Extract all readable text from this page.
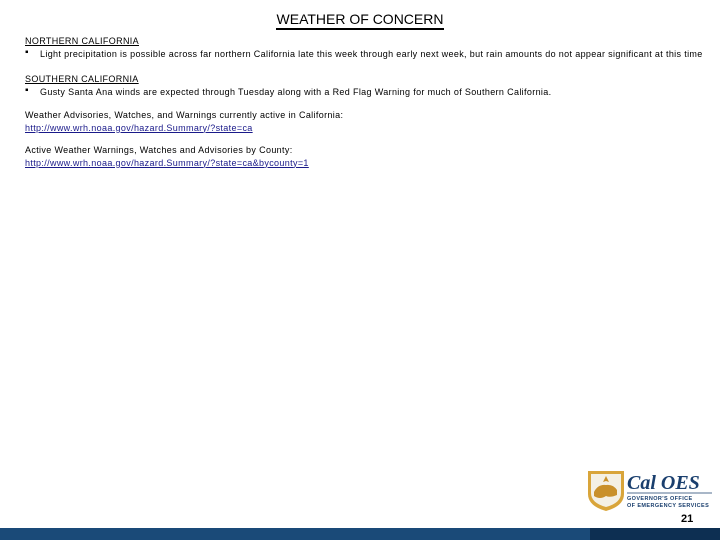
WEATHER OF CONCERN

NORTHERN CALIFORNIA

▪ Light precipitation is possible across far northern California late this week through early next week, but rain amounts do not appear significant at this time

SOUTHERN CALIFORNIA

▪ Gusty Santa Ana winds are expected through Tuesday along with a Red Flag Warning for much of Southern California.
Weather Advisories, Watches, and Warnings currently active in California:
http://www.wrh.noaa.gov/hazard.Summary/?state=ca
Active Weather Warnings, Watches and Advisories by County:
http://www.wrh.noaa.gov/hazard.Summary/?state=ca&bycounty=1
Cal OES
GOVERNOR'S OFFICE
OF EMERGENCY SERVICES
21
